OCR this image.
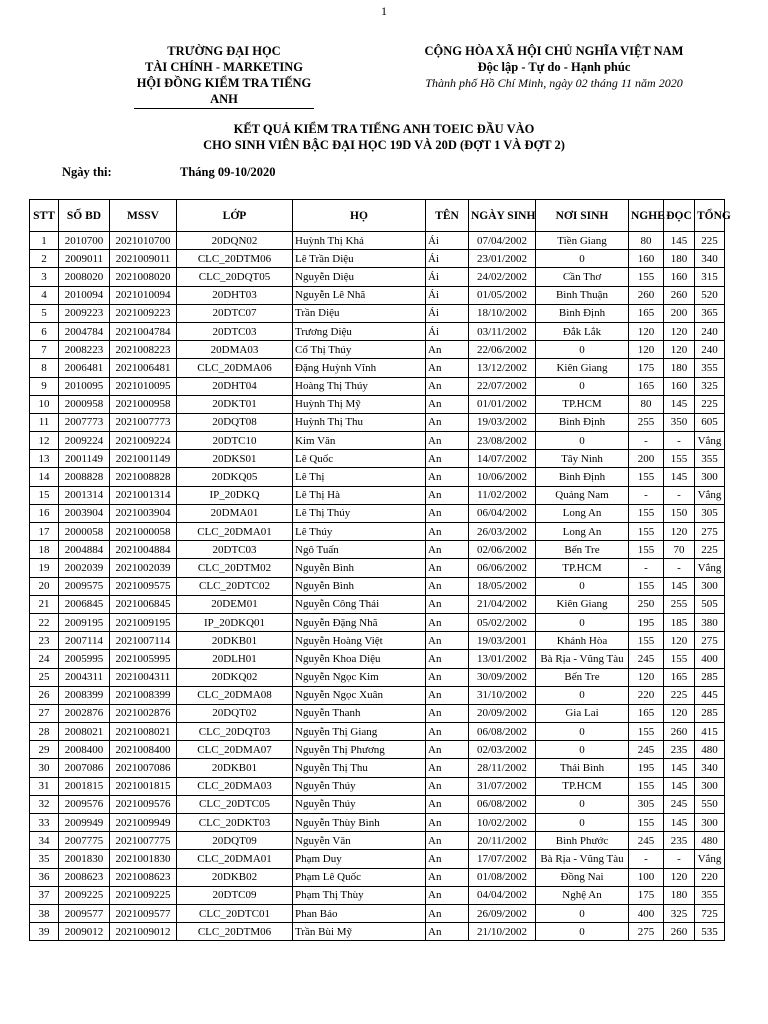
1
TRƯỜNG ĐẠI HỌC
TÀI CHÍNH - MARKETING
HỘI ĐỒNG KIỂM TRA TIẾNG ANH
CỘNG HÒA XÃ HỘI CHỦ NGHĨA VIỆT NAM
Độc lập - Tự do - Hạnh phúc
Thành phố Hồ Chí Minh, ngày 02 tháng 11 năm 2020
KẾT QUẢ KIỂM TRA TIẾNG ANH TOEIC ĐẦU VÀO
CHO SINH VIÊN BẬC ĐẠI HỌC 19D VÀ 20D (ĐỢT 1 VÀ ĐỢT 2)
Ngày thi:	Tháng 09-10/2020
STT	SỐ BD	MSSV	LỚP	HỌ	TÊN	NGÀY SINH	NƠI SINH	NGHE	ĐỌC	TỔNG
1	2010700	2021010700	20DQN02	Huỳnh Thị Khả	Ái	07/04/2002	Tiền Giang	80	145	225
2	2009011	2021009011	CLC_20DTM06	Lê Trần Diệu	Ái	23/01/2002	0	160	180	340
3	2008020	2021008020	CLC_20DQT05	Nguyễn Diệu	Ái	24/02/2002	Cần Thơ	155	160	315
4	2010094	2021010094	20DHT03	Nguyễn Lê Nhã	Ái	01/05/2002	Bình Thuận	260	260	520
5	2009223	2021009223	20DTC07	Trần Diệu	Ái	18/10/2002	Bình Định	165	200	365
6	2004784	2021004784	20DTC03	Trương Diệu	Ái	03/11/2002	Đắk Lắk	120	120	240
7	2008223	2021008223	20DMA03	Cổ Thị Thúy	An	22/06/2002	0	120	120	240
8	2006481	2021006481	CLC_20DMA06	Đặng Huỳnh Vĩnh	An	13/12/2002	Kiên Giang	175	180	355
9	2010095	2021010095	20DHT04	Hoàng Thị Thúy	An	22/07/2002	0	165	160	325
10	2000958	2021000958	20DKT01	Huỳnh Thị Mỹ	An	01/01/2002	TP.HCM	80	145	225
11	2007773	2021007773	20DQT08	Huỳnh Thị Thu	An	19/03/2002	Bình Định	255	350	605
12	2009224	2021009224	20DTC10	Kim Văn	An	23/08/2002	0	-	-	Vắng
13	2001149	2021001149	20DKS01	Lê Quốc	An	14/07/2002	Tây Ninh	200	155	355
14	2008828	2021008828	20DKQ05	Lê Thị	An	10/06/2002	Bình Định	155	145	300
15	2001314	2021001314	IP_20DKQ	Lê Thị Hà	An	11/02/2002	Quảng Nam	-	-	Vắng
16	2003904	2021003904	20DMA01	Lê Thị Thúy	An	06/04/2002	Long An	155	150	305
17	2000058	2021000058	CLC_20DMA01	Lê Thúy	An	26/03/2002	Long An	155	120	275
18	2004884	2021004884	20DTC03	Ngô Tuấn	An	02/06/2002	Bến Tre	155	70	225
19	2002039	2021002039	CLC_20DTM02	Nguyễn Bình	An	06/06/2002	TP.HCM	-	-	Vắng
20	2009575	2021009575	CLC_20DTC02	Nguyễn Bình	An	18/05/2002	0	155	145	300
21	2006845	2021006845	20DEM01	Nguyễn Công Thái	An	21/04/2002	Kiên Giang	250	255	505
22	2009195	2021009195	IP_20DKQ01	Nguyễn Đặng Nhã	An	05/02/2002	0	195	185	380
23	2007114	2021007114	20DKB01	Nguyễn Hoàng Việt	An	19/03/2001	Khánh Hòa	155	120	275
24	2005995	2021005995	20DLH01	Nguyễn Khoa Diệu	An	13/01/2002	Bà Rịa - Vũng Tàu	245	155	400
25	2004311	2021004311	20DKQ02	Nguyễn Ngọc Kim	An	30/09/2002	Bến Tre	120	165	285
26	2008399	2021008399	CLC_20DMA08	Nguyễn Ngọc Xuân	An	31/10/2002	0	220	225	445
27	2002876	2021002876	20DQT02	Nguyễn Thanh	An	20/09/2002	Gia Lai	165	120	285
28	2008021	2021008021	CLC_20DQT03	Nguyễn Thị Giang	An	06/08/2002	0	155	260	415
29	2008400	2021008400	CLC_20DMA07	Nguyễn Thị Phương	An	02/03/2002	0	245	235	480
30	2007086	2021007086	20DKB01	Nguyễn Thị Thu	An	28/11/2002	Thái Bình	195	145	340
31	2001815	2021001815	CLC_20DMA03	Nguyễn Thúy	An	31/07/2002	TP.HCM	155	145	300
32	2009576	2021009576	CLC_20DTC05	Nguyễn Thúy	An	06/08/2002	0	305	245	550
33	2009949	2021009949	CLC_20DKT03	Nguyễn Thùy Bình	An	10/02/2002	0	155	145	300
34	2007775	2021007775	20DQT09	Nguyễn Văn	An	20/11/2002	Bình Phước	245	235	480
35	2001830	2021001830	CLC_20DMA01	Phạm Duy	An	17/07/2002	Bà Rịa - Vũng Tàu	-	-	Vắng
36	2008623	2021008623	20DKB02	Phạm Lê Quốc	An	01/08/2002	Đồng Nai	100	120	220
37	2009225	2021009225	20DTC09	Phạm Thị Thùy	An	04/04/2002	Nghệ An	175	180	355
38	2009577	2021009577	CLC_20DTC01	Phan Bảo	An	26/09/2002	0	400	325	725
39	2009012	2021009012	CLC_20DTM06	Trần Bùi Mỹ	An	21/10/2002	0	275	260	535
